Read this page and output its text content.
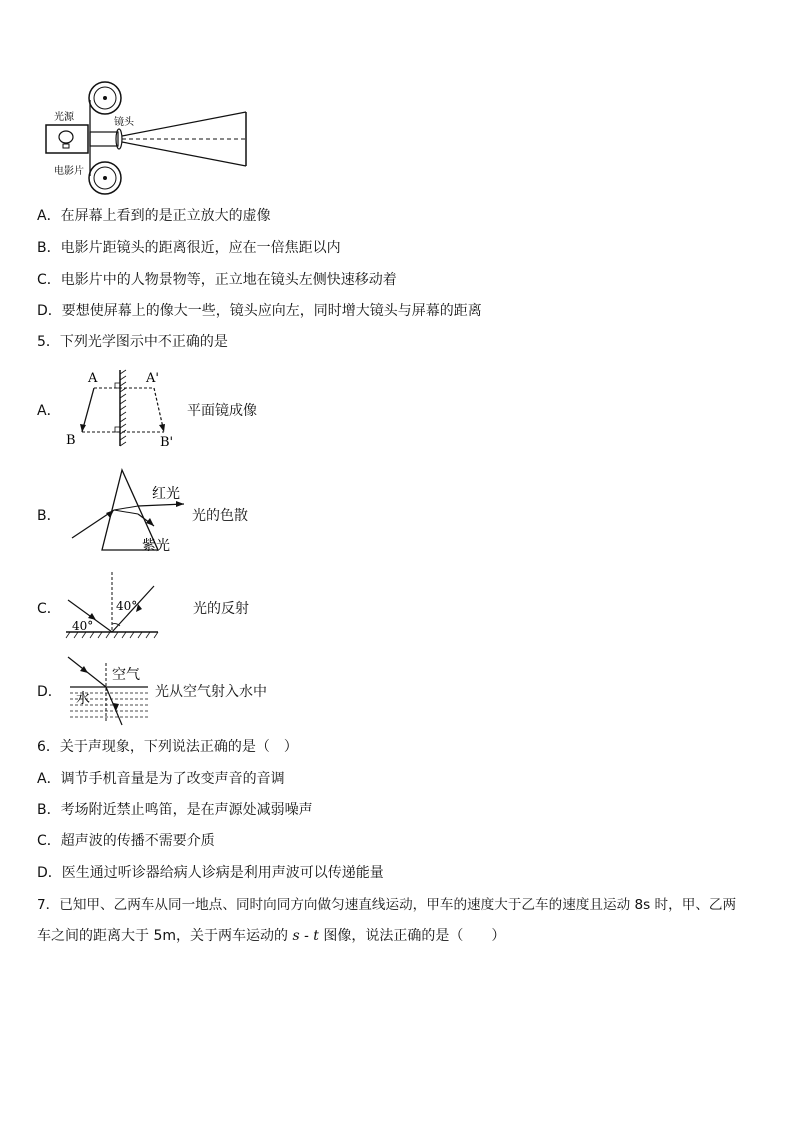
光源	镜头
电影片
A．在屏幕上看到的是正立放大的虚像
B．电影片距镜头的距离很近，应在一倍焦距以内
C．电影片中的人物景物等，正立地在镜头左侧快速移动着
D．要想使屏幕上的像大一些，镜头应向左，同时增大镜头与屏幕的距离
5．下列光学图示中不正确的是
A．
A	A'
B	B'
平面镜成像
B．
红光
紫光
光的色散
C．	40°
40°
光的反射
D．
空气
水	光从空气射入水中
6．关于声现象，下列说法正确的是（　）
A．调节手机音量是为了改变声音的音调
B．考场附近禁止鸣笛，是在声源处减弱噪声
C．超声波的传播不需要介质
D．医生通过听诊器给病人诊病是利用声波可以传递能量
7．已知甲、乙两车从同一地点、同时向同方向做匀速直线运动，甲车的速度大于乙车的速度且运动 8s 时，甲、乙两
车之间的距离大于 5m，关于两车运动的 s - t 图像，说法正确的是（　　）
